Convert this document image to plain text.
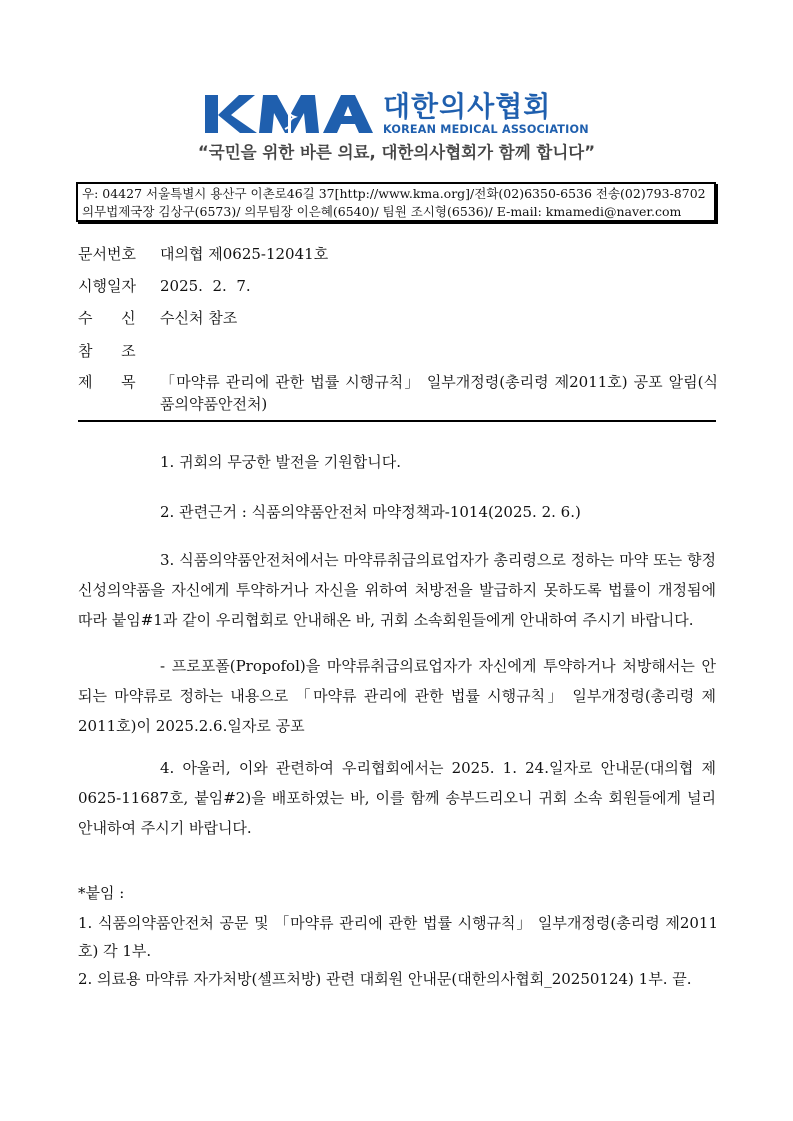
대한의사협회
KOREAN MEDICAL ASSOCIATION
“국민을 위한 바른 의료, 대한의사협회가 함께 합니다”
우: 04427 서울특별시 용산구 이촌로46길 37[http://www.kma.org]/전화(02)6350-6536 전송(02)793-8702
의무법제국장 김상구(6573)/ 의무팀장 이은혜(6540)/ 팀원 조시형(6536)/ E-mail: kmamedi@naver.com
문서번호	대의협 제0625-12041호
시행일자	2025.  2.  7.
수      신	수신처 참조
참      조
제      목	「마약류 관리에 관한 법률 시행규칙」 일부개정령(총리령 제2011호) 공포 알림(식품의약품안전처)
1. 귀회의 무궁한 발전을 기원합니다.
2. 관련근거 : 식품의약품안전처 마약정책과-1014(2025. 2. 6.)
3. 식품의약품안전처에서는 마약류취급의료업자가 총리령으로 정하는 마약 또는 향정신성의약품을 자신에게 투약하거나 자신을 위하여 처방전을 발급하지 못하도록 법률이 개정됨에 따라 붙임#1과 같이 우리협회로 안내해온 바, 귀회 소속회원들에게 안내하여 주시기 바랍니다.
- 프로포폴(Propofol)을 마약류취급의료업자가 자신에게 투약하거나 처방해서는 안 되는 마약류로 정하는 내용으로 「마약류 관리에 관한 법률 시행규칙」 일부개정령(총리령 제2011호)이 2025.2.6.일자로 공포
4. 아울러, 이와 관련하여 우리협회에서는 2025. 1. 24.일자로 안내문(대의협 제0625-11687호, 붙임#2)을 배포하였는 바, 이를 함께 송부드리오니 귀회 소속 회원들에게 널리 안내하여 주시기 바랍니다.
*붙임 :
1. 식품의약품안전처 공문 및 「마약류 관리에 관한 법률 시행규칙」 일부개정령(총리령 제2011호) 각 1부.
2. 의료용 마약류 자가처방(셀프처방) 관련 대회원 안내문(대한의사협회_20250124) 1부. 끝.
